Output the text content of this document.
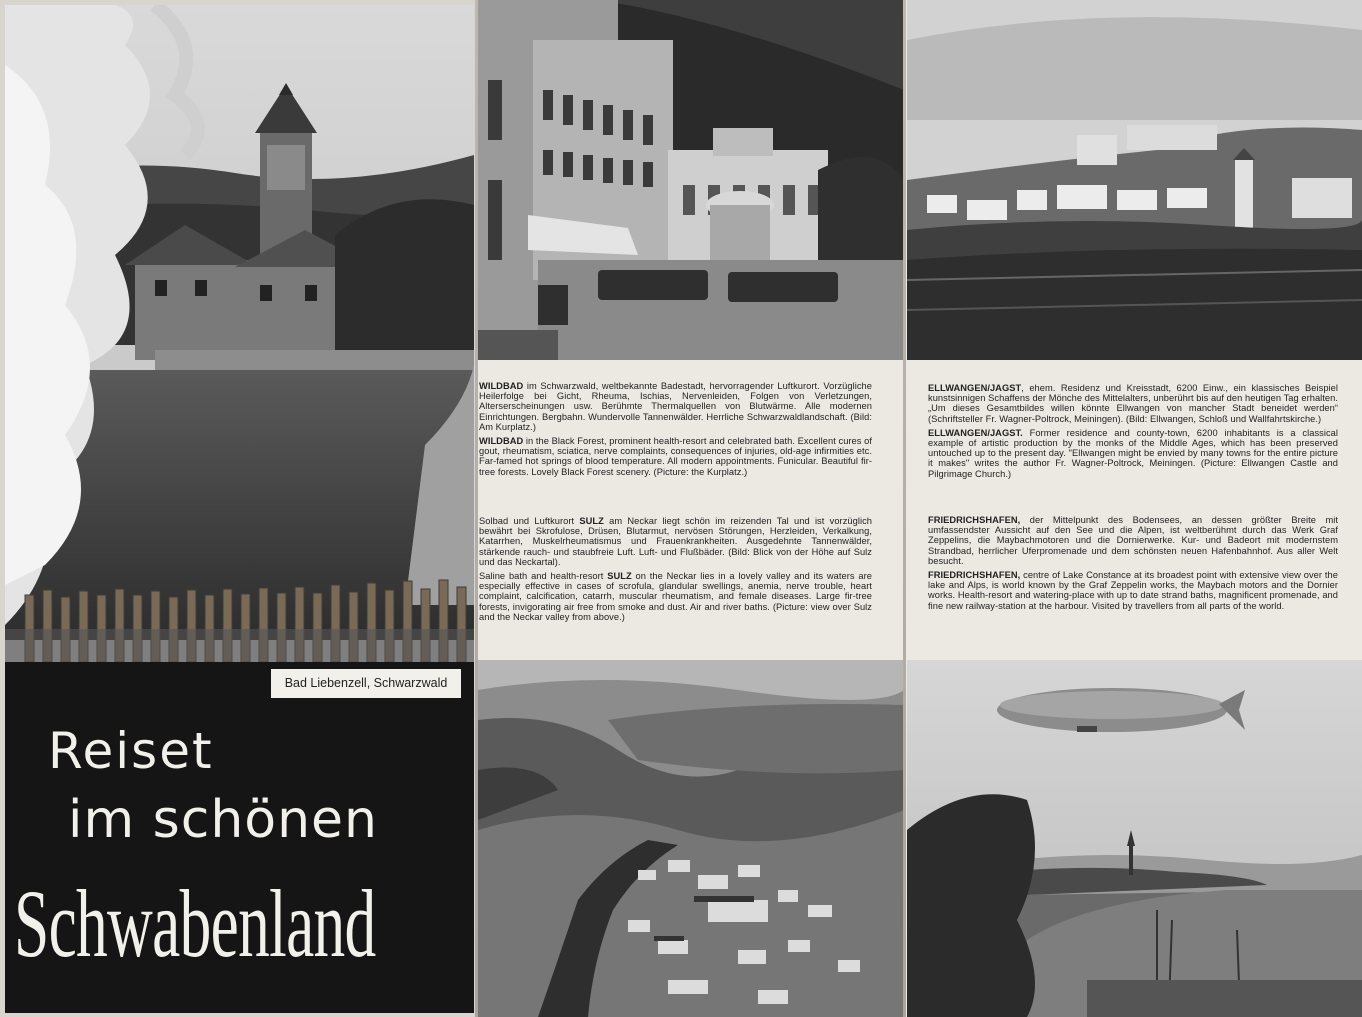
Bad Liebenzell, Schwarzwald
Reiset
im schönen
Schwabenland

WILDBAD im Schwarzwald, weltbekannte Badestadt, hervorragender Luftkurort. Vorzügliche Heilerfolge bei Gicht, Rheuma, Ischias, Nervenleiden, Folgen von Verletzungen, Alterserscheinungen usw. Berühmte Thermalquellen von Blutwärme. Alle modernen Einrichtungen. Bergbahn. Wundervolle Tannenwälder. Herrliche Schwarzwaldlandschaft. (Bild: Am Kurplatz.)

WILDBAD in the Black Forest, prominent health-resort and celebrated bath. Excellent cures of gout, rheumatism, sciatica, nerve complaints, consequences of injuries, old-age infirmities etc. Far-famed hot springs of blood temperature. All modern appointments. Funicular. Beautiful fir-tree forests. Lovely Black Forest scenery. (Picture: the Kurplatz.)

Solbad und Luftkurort SULZ am Neckar liegt schön im reizenden Tal und ist vorzüglich bewährt bei Skrofulose, Drüsen, Blutarmut, nervösen Störungen, Herzleiden, Verkalkung, Katarrhen, Muskelrheumatismus und Frauenkrankheiten. Ausgedehnte Tannenwälder, stärkende rauch- und staubfreie Luft. Luft- und Flußbäder. (Bild: Blick von der Höhe auf Sulz und das Neckartal).

Saline bath and health-resort SULZ on the Neckar lies in a lovely valley and its waters are especially effective in cases of scrofula, glandular swellings, anemia, nerve trouble, heart complaint, calcification, catarrh, muscular rheumatism, and female diseases. Large fir-tree forests, invigorating air free from smoke and dust. Air and river baths. (Picture: view over Sulz and the Neckar valley from above.)

ELLWANGEN/JAGST, ehem. Residenz und Kreisstadt, 6200 Einw., ein klassisches Beispiel kunstsinnigen Schaffens der Mönche des Mittelalters, unberührt bis auf den heutigen Tag erhalten. „Um dieses Gesamtbildes willen könnte Ellwangen von mancher Stadt beneidet werden“ (Schriftsteller Fr. Wagner-Poltrock, Meiningen). (Bild: Ellwangen, Schloß und Wallfahrtskirche.)

ELLWANGEN/JAGST. Former residence and county-town, 6200 inhabitants is a classical example of artistic production by the monks of the Middle Ages, which has been preserved untouched up to the present day. "Ellwangen might be envied by many towns for the entire picture it makes" writes the author Fr. Wagner-Poltrock, Meiningen. (Picture: Ellwangen Castle and Pilgrimage Church.)

FRIEDRICHSHAFEN, der Mittelpunkt des Bodensees, an dessen größter Breite mit umfassendster Aussicht auf den See und die Alpen, ist weltberühmt durch das Werk Graf Zeppelins, die Maybachmotoren und die Dornierwerke. Kur- und Badeort mit modernstem Strandbad, herrlicher Uferpromenade und dem schönsten neuen Hafenbahnhof. Aus aller Welt besucht.

FRIEDRICHSHAFEN, centre of Lake Constance at its broadest point with extensive view over the lake and Alps, is world known by the Graf Zeppelin works, the Maybach motors and the Dornier works. Health-resort and watering-place with up to date strand baths, magnificent promenade, and fine new railway-station at the harbour. Visited by travellers from all parts of the world.
